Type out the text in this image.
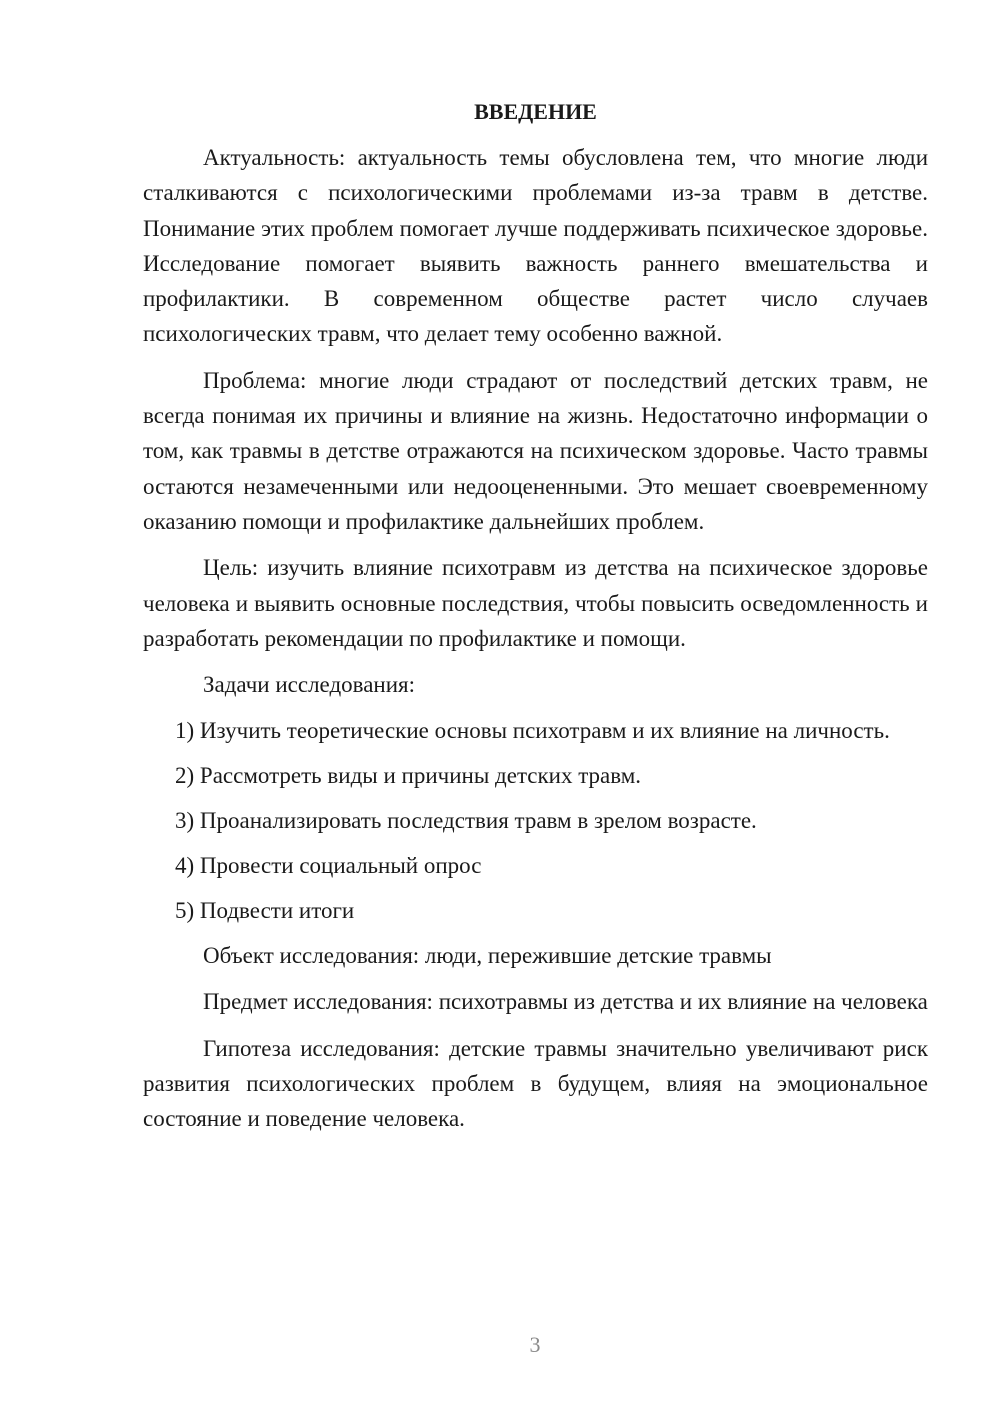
ВВЕДЕНИЕ

Актуальность: актуальность темы обусловлена тем, что многие люди сталкиваются с психологическими проблемами из-за травм в детстве. Понимание этих проблем помогает лучше поддерживать психическое здоровье. Исследование помогает выявить важность раннего вмешательства и профилактики. В современном обществе растет число случаев психологических травм, что делает тему особенно важной.

Проблема: многие люди страдают от последствий детских травм, не всегда понимая их причины и влияние на жизнь. Недостаточно информации о том, как травмы в детстве отражаются на психическом здоровье. Часто травмы остаются незамеченными или недооцененными. Это мешает своевременному оказанию помощи и профилактике дальнейших проблем.

Цель: изучить влияние психотравм из детства на психическое здоровье человека и выявить основные последствия, чтобы повысить осведомленность и разработать рекомендации по профилактике и помощи.

Задачи исследования:

1) Изучить теоретические основы психотравм и их влияние на личность.

2) Рассмотреть виды и причины детских травм.

3) Проанализировать последствия травм в зрелом возрасте.

4) Провести социальный опрос

5) Подвести итоги

Объект исследования: люди, пережившие детские травмы

Предмет исследования: психотравмы из детства и их влияние на человека

Гипотеза исследования: детские травмы значительно увеличивают риск развития психологических проблем в будущем, влияя на эмоциональное состояние и поведение человека.

3
